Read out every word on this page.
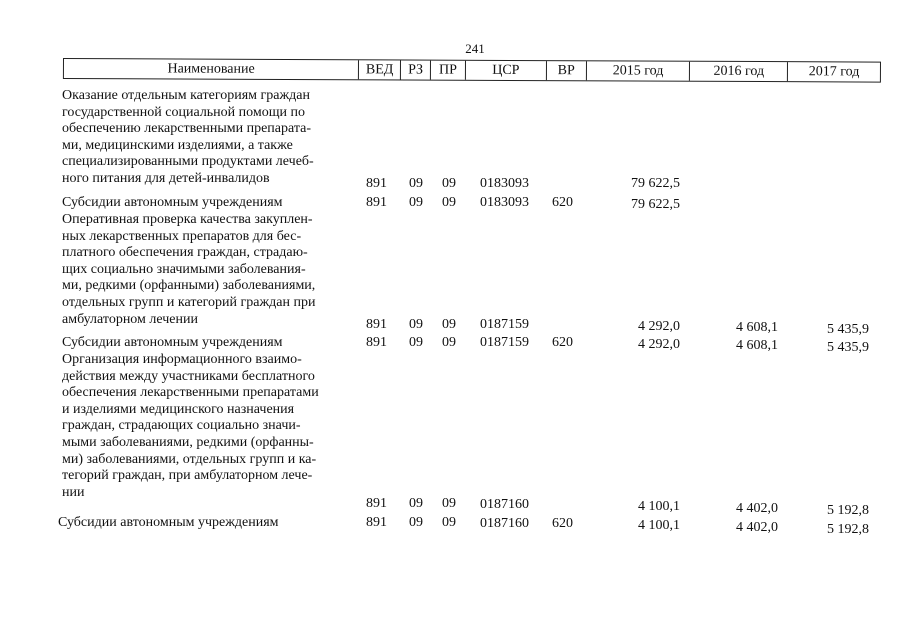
241
Наименование	ВЕД	РЗ	ПР	ЦСР	ВР	2015 год	2016 год	2017 год
Оказание отдельным категориям граждан
государственной социальной помощи по
обеспечению лекарственными препарата-
ми, медицинскими изделиями, а также
специализированными продуктами лечеб-
ного питания для детей-инвалидов	891 09 09 0183093	79 622,5
Субсидии автономным учреждениям	891 09 09 0183093 620	79 622,5
Оперативная проверка качества закуплен-
ных лекарственных препаратов для бес-
платного обеспечения граждан, страдаю-
щих социально значимыми заболевания-
ми, редкими (орфанными) заболеваниями,
отдельных групп и категорий граждан при
амбулаторном лечении	891 09 09 0187159	4 292,0	4 608,1	5 435,9
Субсидии автономным учреждениям	891 09 09 0187159 620	4 292,0	4 608,1	5 435,9
Организация информационного взаимо-
действия между участниками бесплатного
обеспечения лекарственными препаратами
и изделиями медицинского назначения
граждан, страдающих социально значи-
мыми заболеваниями, редкими (орфанны-
ми) заболеваниями, отдельных групп и ка-
тегорий граждан, при амбулаторном лече-
нии
891 09 09 0187160	4 100,1	4 402,0	5 192,8
Субсидии автономным учреждениям	891 09 09 0187160 620	4 100,1	4 402,0	5 192,8
